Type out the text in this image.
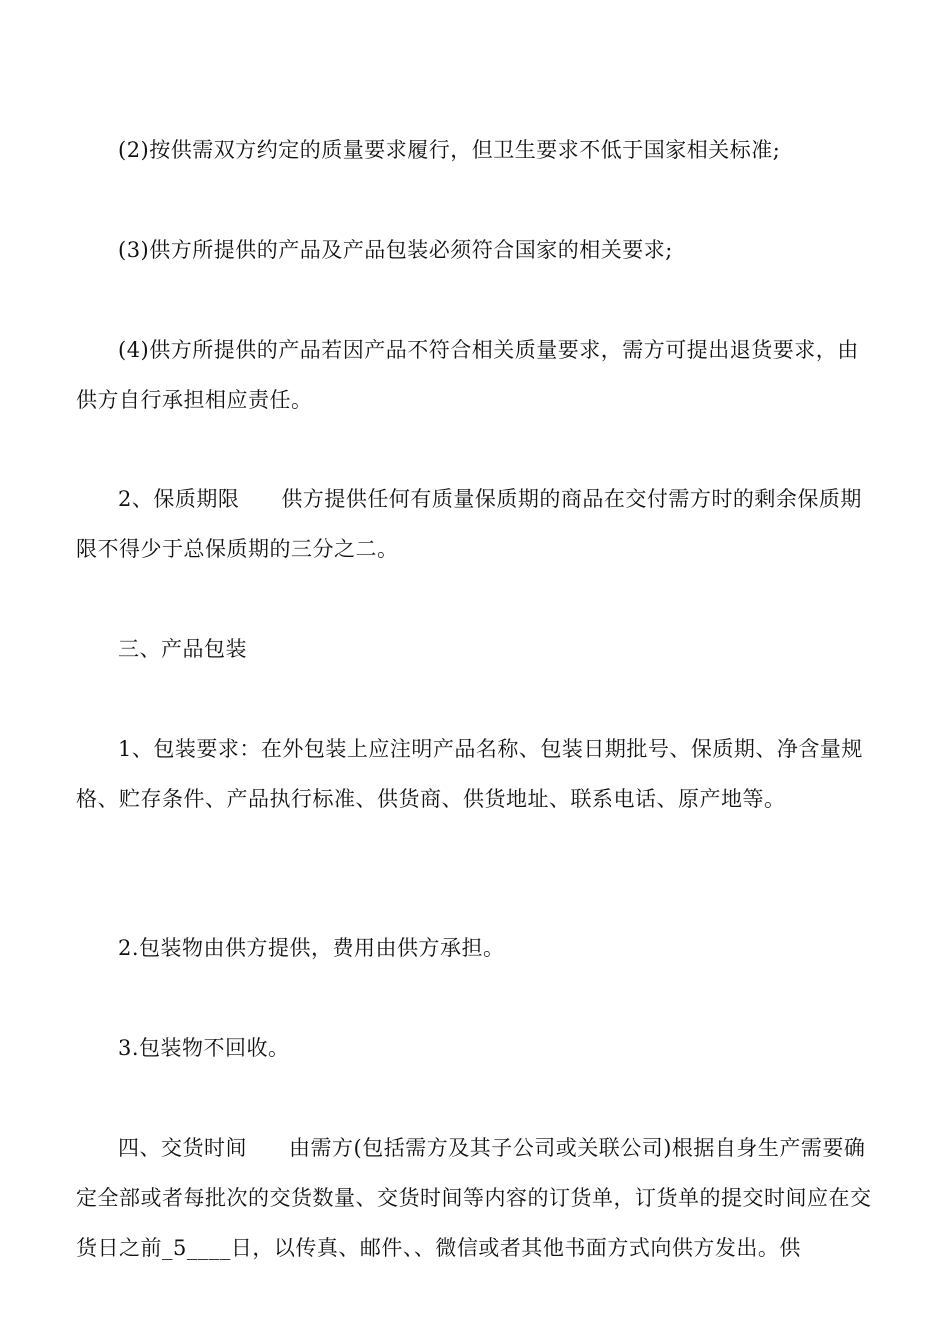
(2)按供需双方约定的质量要求履行，但卫生要求不低于国家相关标准;
(3)供方所提供的产品及产品包装必须符合国家的相关要求;
(4)供方所提供的产品若因产品不符合相关质量要求，需方可提出退货要求，由供方自行承担相应责任。
2、保质期限 供方提供任何有质量保质期的商品在交付需方时的剩余保质期限不得少于总保质期的三分之二。
三、产品包装
1、包装要求：在外包装上应注明产品名称、包装日期批号、保质期、净含量规格、贮存条件、产品执行标准、供货商、供货地址、联系电话、原产地等。
2.包装物由供方提供，费用由供方承担。
3.包装物不回收。
四、交货时间 由需方(包括需方及其子公司或关联公司)根据自身生产需要确定全部或者每批次的交货数量、交货时间等内容的订货单，订货单的提交时间应在交货日之前_5____日，以传真、邮件、、微信或者其他书面方式向供方发出。供
